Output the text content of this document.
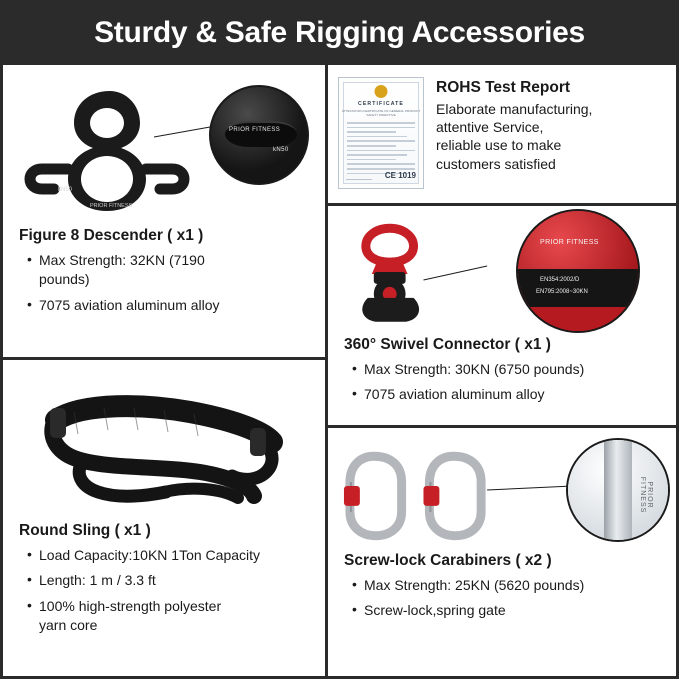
Sturdy & Safe Rigging Accessories
kN50
PRIOR FITNESS
PRIOR FITNESS
kN50
Figure 8 Descender ( x1 )
• Max Strength: 32KN (7190
pounds)
• 7075 aviation aluminum alloy
Round Sling ( x1 )
• Load Capacity:10KN 1Ton Capacity
• Length: 1 m / 3.3 ft
• 100% high-strength polyester
yarn core
CERTIFICATE
ATTESTATION CERTIFICATE OF GENERAL PRODUCT SAFETY DIRECTIVE
CE 1019
ROHS Test Report
Elaborate manufacturing,
attentive Service,
reliable use to make
customers satisfied
PRIOR FITNESS
EN354:2002/D
EN795:2008~30KN
360° Swivel Connector ( x1 )
• Max Strength: 30KN (6750 pounds)
• 7075 aviation aluminum alloy
PRIOR FITNESS
Screw-lock Carabiners ( x2 )
• Max Strength: 25KN (5620 pounds)
• Screw-lock,spring gate
